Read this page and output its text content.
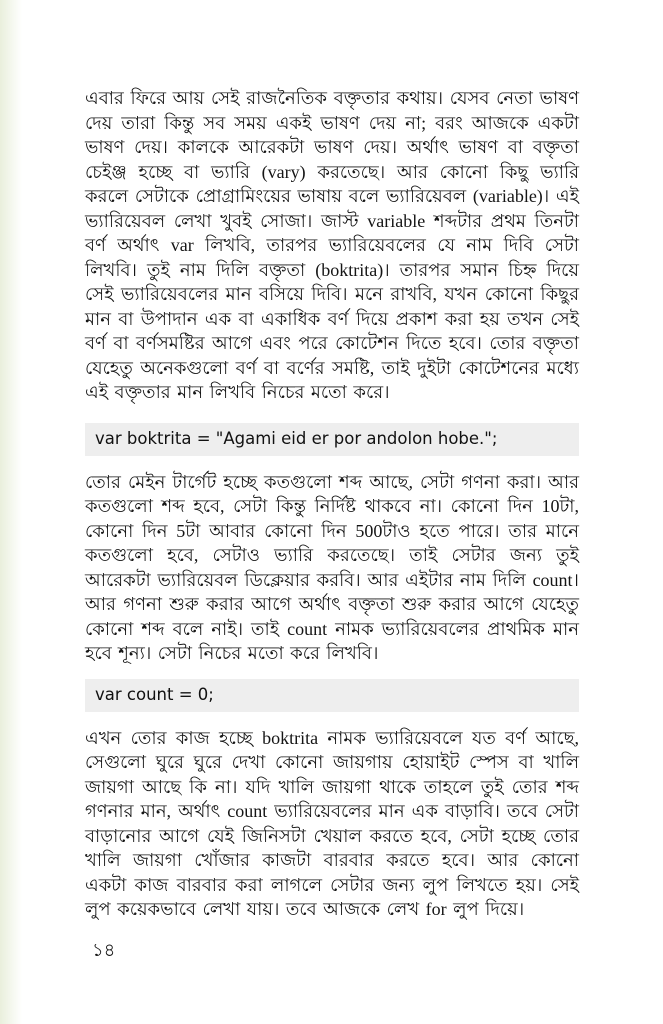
এবার ফিরে আয় সেই রাজনৈতিক বক্তৃতার কথায়। যেসব নেতা ভাষণ দেয় তারা কিন্তু সব সময় একই ভাষণ দেয় না; বরং আজকে একটা ভাষণ দেয়। কালকে আরেকটা ভাষণ দেয়। অর্থাৎ ভাষণ বা বক্তৃতা চেইঞ্জ হচ্ছে বা ভ্যারি (vary) করতেছে। আর কোনো কিছু ভ্যারি করলে সেটাকে প্রোগ্রামিংয়ের ভাষায় বলে ভ্যারিয়েবল (variable)। এই ভ্যারিয়েবল লেখা খুবই সোজা। জাস্ট variable শব্দটার প্রথম তিনটা বর্ণ অর্থাৎ var লিখবি, তারপর ভ্যারিয়েবলের যে নাম দিবি সেটা লিখবি। তুই নাম দিলি বক্তৃতা (boktrita)। তারপর সমান চিহ্ন দিয়ে সেই ভ্যারিয়েবলের মান বসিয়ে দিবি। মনে রাখবি, যখন কোনো কিছুর মান বা উপাদান এক বা একাধিক বর্ণ দিয়ে প্রকাশ করা হয় তখন সেই বর্ণ বা বর্ণসমষ্টির আগে এবং পরে কোটেশন দিতে হবে। তোর বক্তৃতা যেহেতু অনেকগুলো বর্ণ বা বর্ণের সমষ্টি, তাই দুইটা কোটেশনের মধ্যে এই বক্তৃতার মান লিখবি নিচের মতো করে।

var boktrita = "Agami eid er por andolon hobe.";

তোর মেইন টার্গেট হচ্ছে কতগুলো শব্দ আছে, সেটা গণনা করা। আর কতগুলো শব্দ হবে, সেটা কিন্তু নির্দিষ্ট থাকবে না। কোনো দিন 10টা, কোনো দিন 5টা আবার কোনো দিন 500টাও হতে পারে। তার মানে কতগুলো হবে, সেটাও ভ্যারি করতেছে। তাই সেটার জন্য তুই আরেকটা ভ্যারিয়েবল ডিক্লেয়ার করবি। আর এইটার নাম দিলি count। আর গণনা শুরু করার আগে অর্থাৎ বক্তৃতা শুরু করার আগে যেহেতু কোনো শব্দ বলে নাই। তাই count নামক ভ্যারিয়েবলের প্রাথমিক মান হবে শূন্য। সেটা নিচের মতো করে লিখবি।

var count = 0;

এখন তোর কাজ হচ্ছে boktrita নামক ভ্যারিয়েবলে যত বর্ণ আছে, সেগুলো ঘুরে ঘুরে দেখা কোনো জায়গায় হোয়াইট স্পেস বা খালি জায়গা আছে কি না। যদি খালি জায়গা থাকে তাহলে তুই তোর শব্দ গণনার মান, অর্থাৎ count ভ্যারিয়েবলের মান এক বাড়াবি। তবে সেটা বাড়ানোর আগে যেই জিনিসটা খেয়াল করতে হবে, সেটা হচ্ছে তোর খালি জায়গা খোঁজার কাজটা বারবার করতে হবে। আর কোনো একটা কাজ বারবার করা লাগলে সেটার জন্য লুপ লিখতে হয়। সেই লুপ কয়েকভাবে লেখা যায়। তবে আজকে লেখ for লুপ দিয়ে।

১৪
